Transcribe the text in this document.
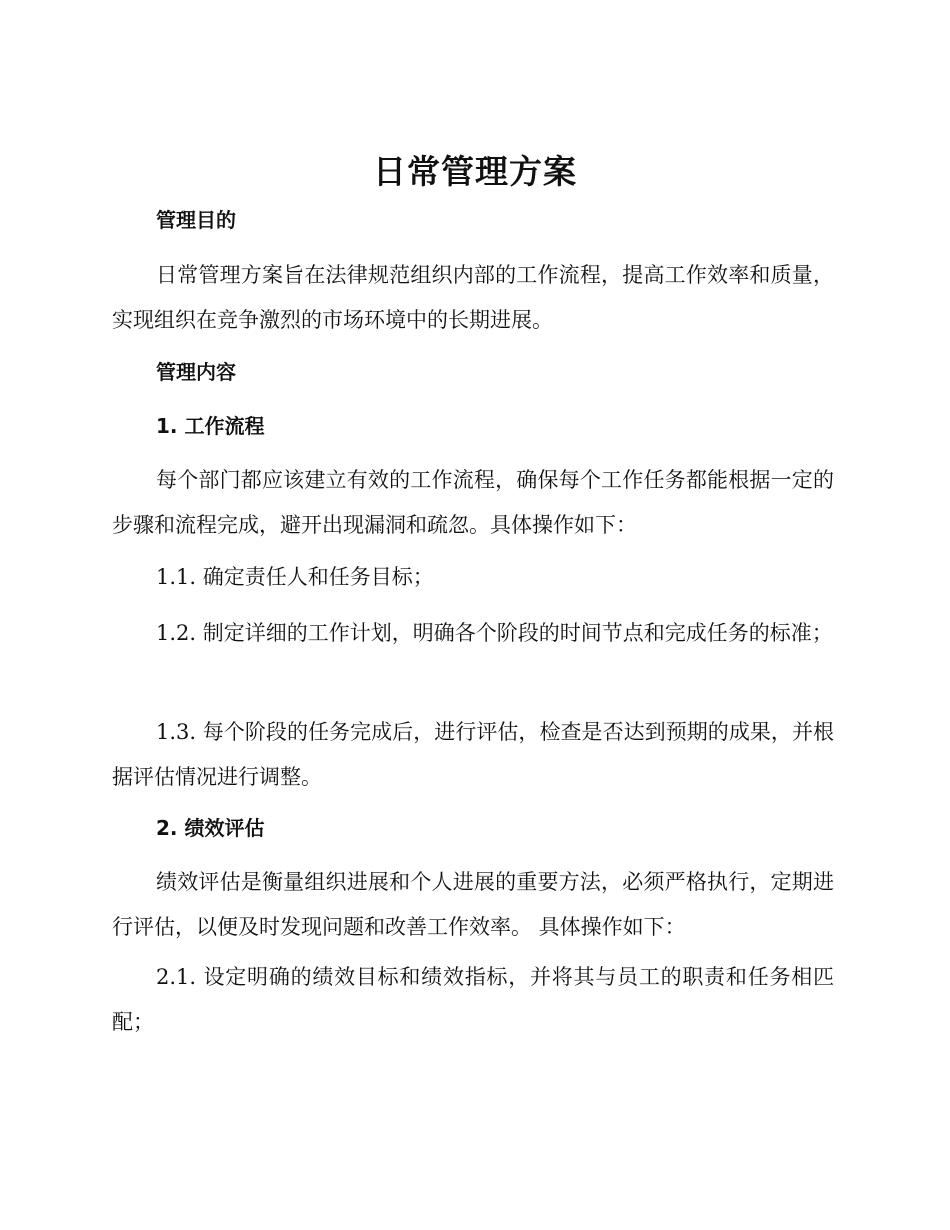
日常管理方案
管理目的
日常管理方案旨在法律规范组织内部的工作流程，提高工作效率和质量，实现组织在竞争激烈的市场环境中的长期进展。
管理内容
1. 工作流程
每个部门都应该建立有效的工作流程，确保每个工作任务都能根据一定的步骤和流程完成，避开出现漏洞和疏忽。具体操作如下：
1.1. 确定责任人和任务目标；
1.2. 制定详细的工作计划，明确各个阶段的时间节点和完成任务的标准；
1.3. 每个阶段的任务完成后，进行评估，检查是否达到预期的成果，并根据评估情况进行调整。
2. 绩效评估
绩效评估是衡量组织进展和个人进展的重要方法，必须严格执行，定期进行评估，以便及时发现问题和改善工作效率。 具体操作如下：
2.1. 设定明确的绩效目标和绩效指标，并将其与员工的职责和任务相匹配；
